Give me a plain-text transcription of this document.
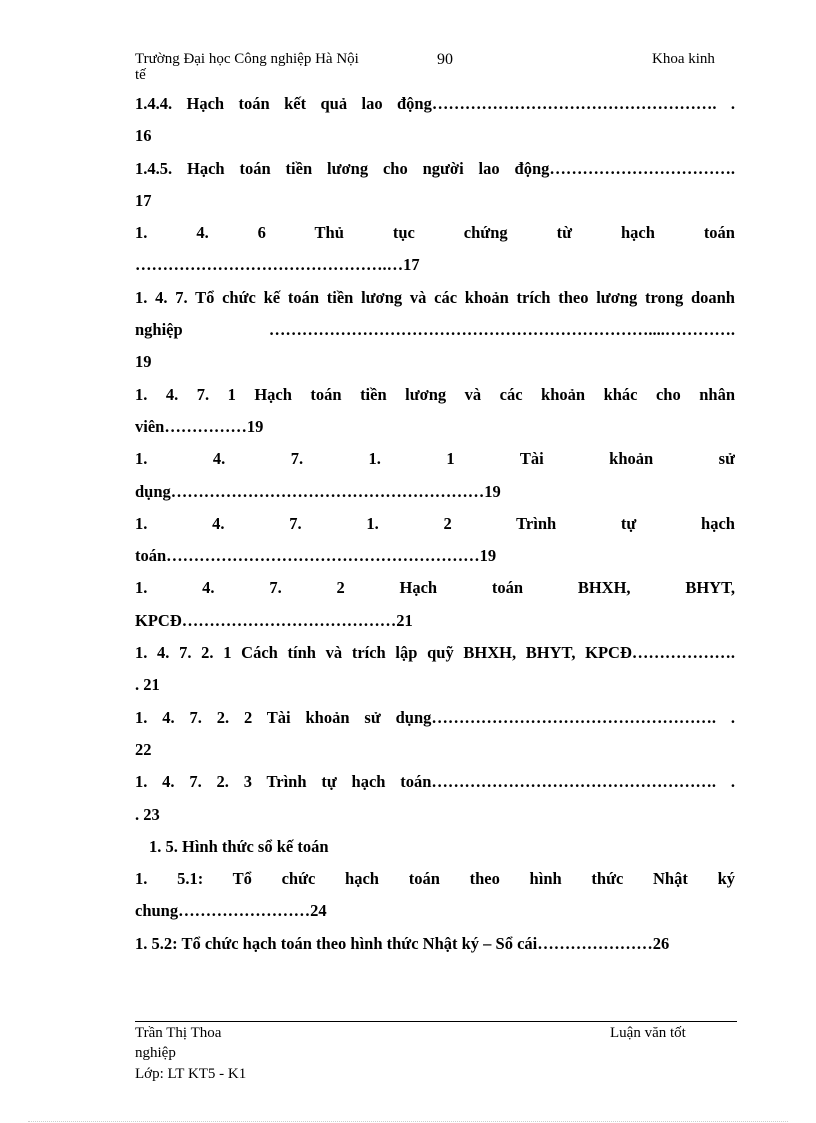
Trường Đại học Công nghiệp Hà Nội	90	Khoa kinh
tế
1.4.4. Hạch toán kết quả lao động……………………………………………. .
16
1.4.5. Hạch toán tiền lương cho người lao động…………………………….
17
1. 4. 6 Thủ tục chứng từ hạch toán
……………………………………….…17
1. 4. 7. Tổ chức kế toán tiền lương và các khoản trích theo lương trong doanh
nghiệp ……………………………………………………………....………….
19
1. 4. 7. 1 Hạch toán tiền lương và các khoản khác cho nhân
viên……………19
1. 4. 7. 1. 1 Tài khoản sử
dụng…………………………………………………19
1. 4. 7. 1. 2 Trình tự hạch
toán…………………………………………………19
1. 4. 7. 2 Hạch toán BHXH, BHYT,
KPCĐ…………………………………21
1. 4. 7. 2. 1 Cách tính và trích lập quỹ BHXH, BHYT, KPCĐ……………….
. 21
1. 4. 7. 2. 2 Tài khoản sử dụng……………………………………………. .
22
1. 4. 7. 2. 3 Trình tự hạch toán……………………………………………. .
. 23
1. 5. Hình thức sổ kế toán
1. 5.1: Tổ chức hạch toán theo hình thức Nhật ký
chung……………………24
1. 5.2: Tổ chức hạch toán theo hình thức Nhật ký – Sổ cái…………………26
Trần Thị Thoa	Luận văn tốt
nghiệp
Lớp: LT KT5 - K1
